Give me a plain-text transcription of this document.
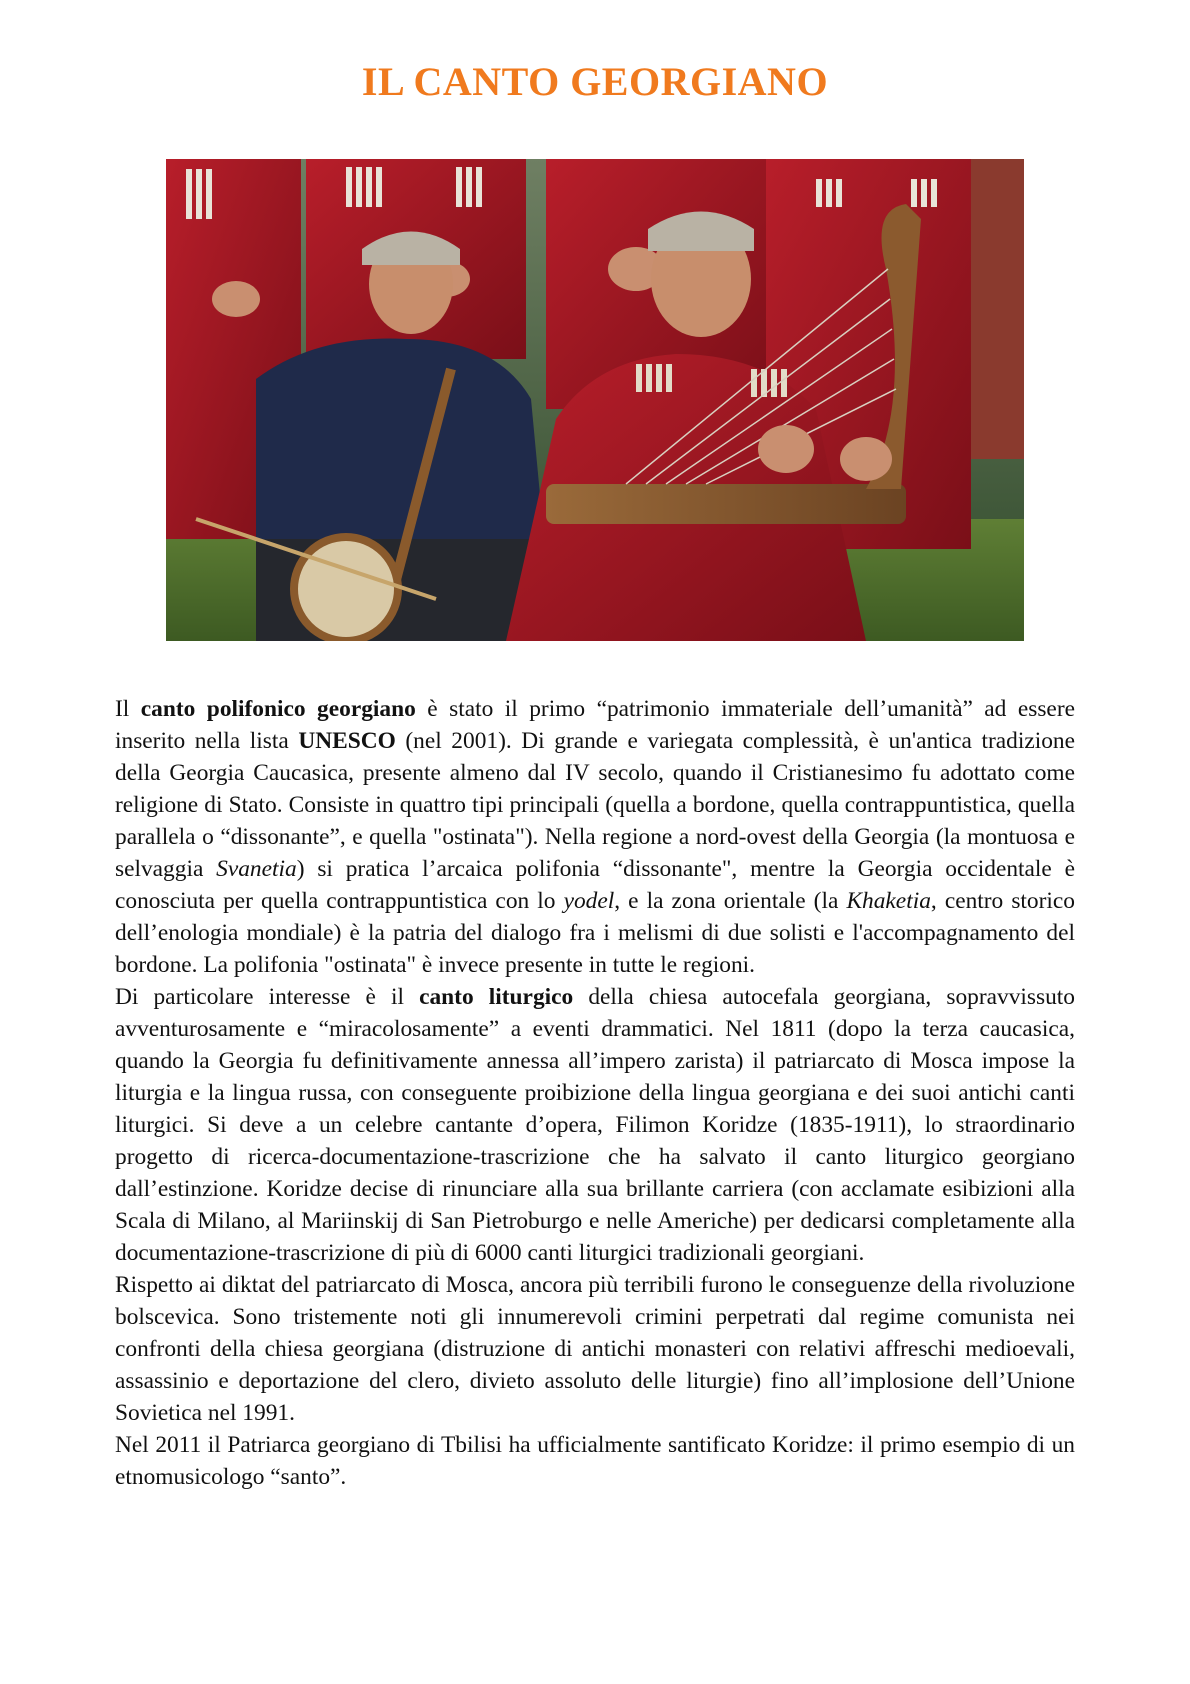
IL CANTO GEORGIANO

Il canto polifonico georgiano è stato il primo “patrimonio immateriale dell’umanità” ad essere inserito nella lista UNESCO (nel 2001). Di grande e variegata complessità, è un'antica tradizione della Georgia Caucasica, presente almeno dal IV secolo, quando il Cristianesimo fu adottato come religione di Stato. Consiste in quattro tipi principali (quella a bordone, quella contrappuntistica, quella parallela o “dissonante”, e quella "ostinata"). Nella regione a nord-ovest della Georgia (la montuosa e selvaggia Svanetia) si pratica l’arcaica polifonia “dissonante", mentre la Georgia occidentale è conosciuta per quella contrappuntistica con lo yodel, e la zona orientale (la Khaketia, centro storico dell’enologia mondiale) è la patria del dialogo fra i melismi di due solisti e l'accompagnamento del bordone. La polifonia "ostinata" è invece presente in tutte le regioni.

Di particolare interesse è il canto liturgico della chiesa autocefala georgiana, sopravvissuto avventurosamente e “miracolosamente” a eventi drammatici. Nel 1811 (dopo la terza caucasica, quando la Georgia fu definitivamente annessa all’impero zarista) il patriarcato di Mosca impose la liturgia e la lingua russa, con conseguente proibizione della lingua georgiana e dei suoi antichi canti liturgici. Si deve a un celebre cantante d’opera, Filimon Koridze (1835-1911), lo straordinario progetto di ricerca-documentazione-trascrizione che ha salvato il canto liturgico georgiano dall’estinzione. Koridze decise di rinunciare alla sua brillante carriera (con acclamate esibizioni alla Scala di Milano, al Mariinskij di San Pietroburgo e nelle Americhe) per dedicarsi completamente alla documentazione-trascrizione di più di 6000 canti liturgici tradizionali georgiani.

Rispetto ai diktat del patriarcato di Mosca, ancora più terribili furono le conseguenze della rivoluzione bolscevica. Sono tristemente noti gli innumerevoli crimini perpetrati dal regime comunista nei confronti della chiesa georgiana (distruzione di antichi monasteri con relativi affreschi medioevali, assassinio e deportazione del clero, divieto assoluto delle liturgie) fino all’implosione dell’Unione Sovietica nel 1991.

Nel 2011 il Patriarca georgiano di Tbilisi ha ufficialmente santificato Koridze: il primo esempio di un etnomusicologo “santo”.
